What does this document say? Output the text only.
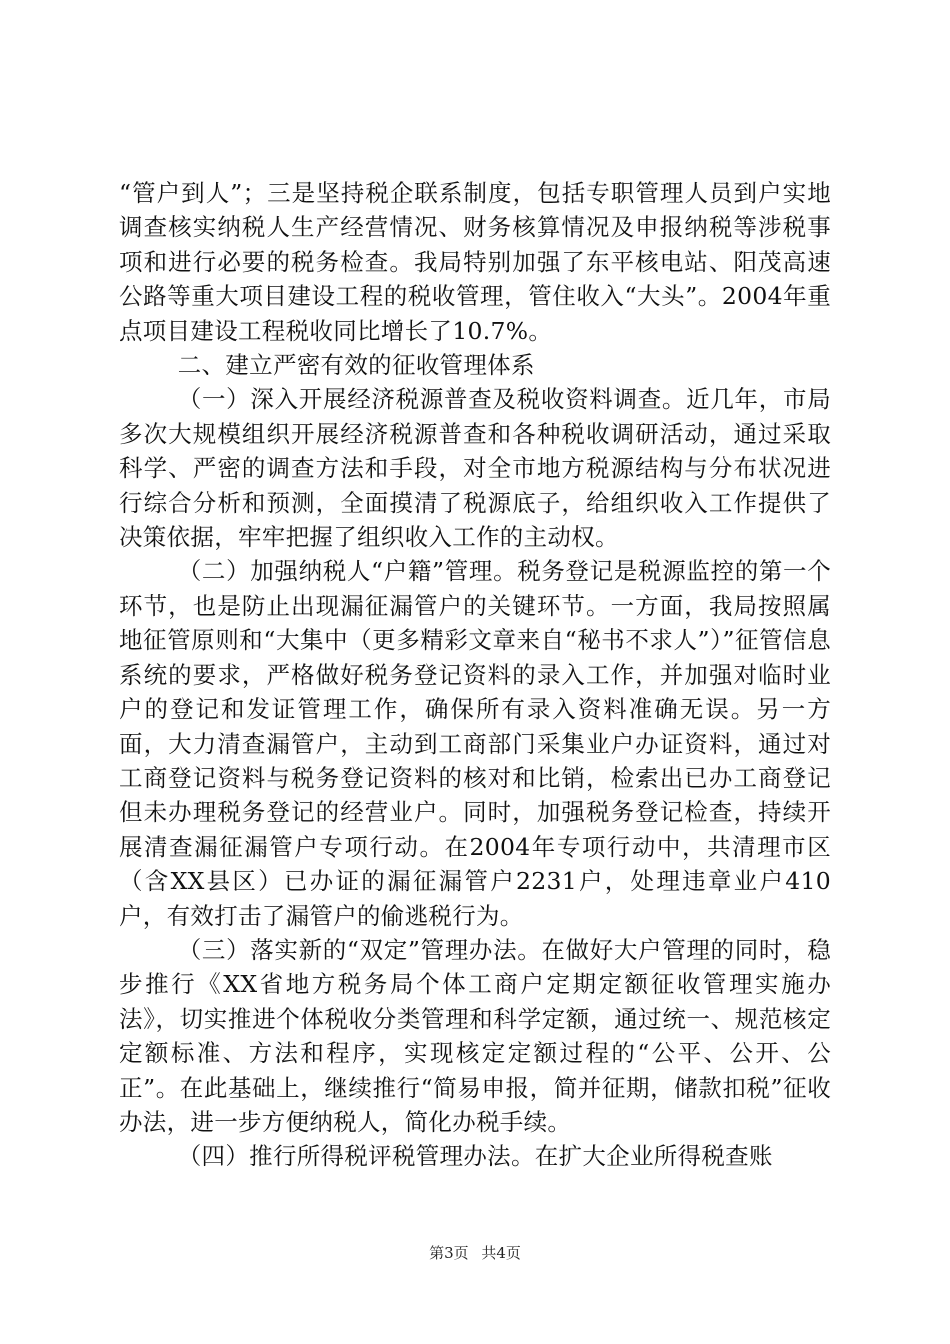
“管户到人”；三是坚持税企联系制度，包括专职管理人员到户实地调查核实纳税人生产经营情况、财务核算情况及申报纳税等涉税事项和进行必要的税务检查。我局特别加强了东平核电站、阳茂高速公路等重大项目建设工程的税收管理，管住收入“大头”。2004年重点项目建设工程税收同比增长了10.7%。

二、建立严密有效的征收管理体系

（一）深入开展经济税源普查及税收资料调查。近几年，市局多次大规模组织开展经济税源普查和各种税收调研活动，通过采取科学、严密的调查方法和手段，对全市地方税源结构与分布状况进行综合分析和预测，全面摸清了税源底子，给组织收入工作提供了决策依据，牢牢把握了组织收入工作的主动权。

（二）加强纳税人“户籍”管理。税务登记是税源监控的第一个环节，也是防止出现漏征漏管户的关键环节。一方面，我局按照属地征管原则和“大集中（更多精彩文章来自“秘书不求人”）”征管信息系统的要求，严格做好税务登记资料的录入工作，并加强对临时业户的登记和发证管理工作，确保所有录入资料准确无误。另一方面，大力清查漏管户，主动到工商部门采集业户办证资料，通过对工商登记资料与税务登记资料的核对和比销，检索出已办工商登记但未办理税务登记的经营业户。同时，加强税务登记检查，持续开展清查漏征漏管户专项行动。在2004年专项行动中，共清理市区（含XX县区）已办证的漏征漏管户2231户，处理违章业户410户，有效打击了漏管户的偷逃税行为。

（三）落实新的“双定”管理办法。在做好大户管理的同时，稳步推行《XX省地方税务局个体工商户定期定额征收管理实施办法》，切实推进个体税收分类管理和科学定额，通过统一、规范核定定额标准、方法和程序，实现核定定额过程的“公平、公开、公正”。在此基础上，继续推行“简易申报，简并征期，储款扣税”征收办法，进一步方便纳税人，简化办税手续。

（四）推行所得税评税管理办法。在扩大企业所得税查账

第3页 共4页
